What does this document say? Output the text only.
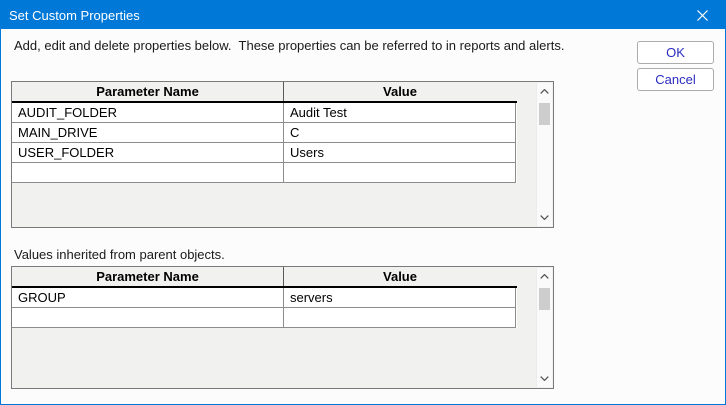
Set Custom Properties
Add, edit and delete properties below.  These properties can be referred to in reports and alerts.	OK
Cancel
Parameter Name	Value
AUDIT_FOLDER	Audit Test
MAIN_DRIVE	C
USER_FOLDER	Users
Values inherited from parent objects.
Parameter Name	Value
GROUP	servers
